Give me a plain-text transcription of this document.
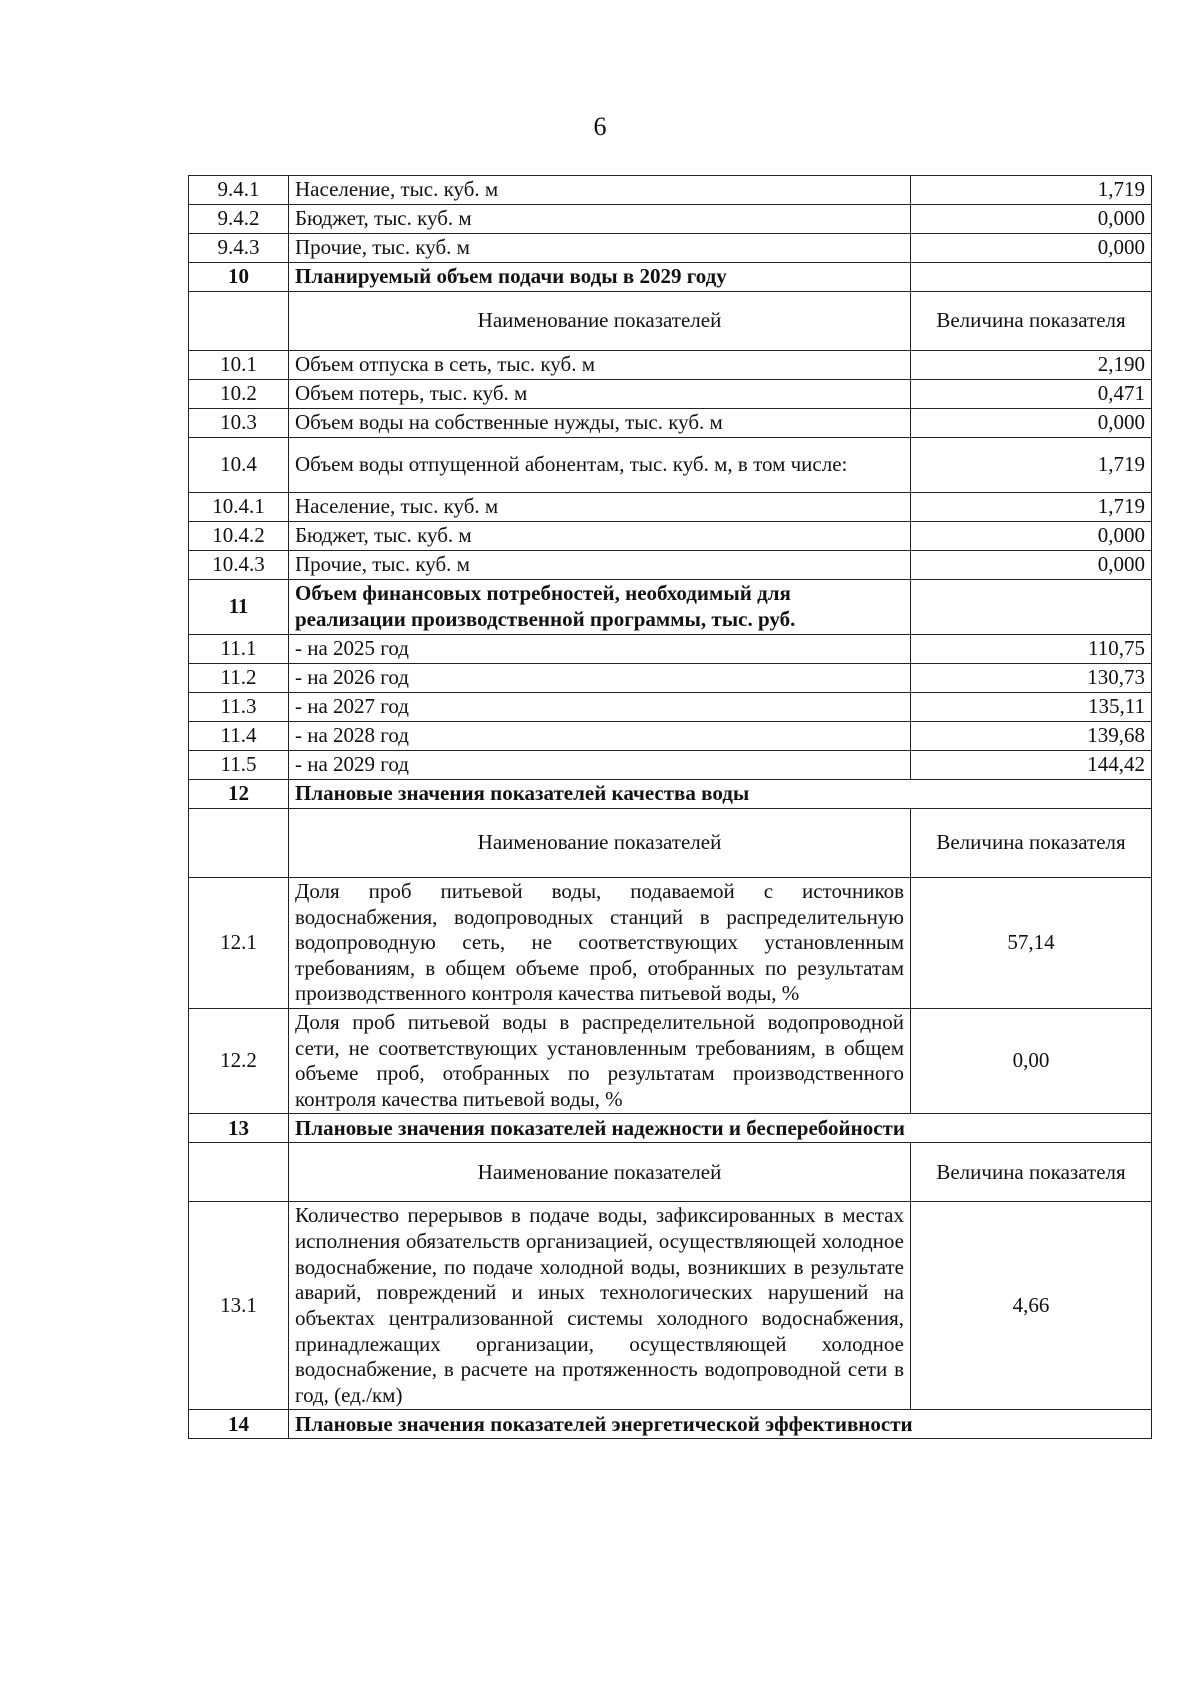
6
9.4.1	Население, тыс. куб. м	1,719
9.4.2	Бюджет, тыс. куб. м	0,000
9.4.3	Прочие, тыс. куб. м	0,000
10	Планируемый объем подачи воды в 2029 году	
	Наименование показателей	Величина показателя
10.1	Объем отпуска в сеть, тыс. куб. м	2,190
10.2	Объем потерь, тыс. куб. м	0,471
10.3	Объем воды на собственные нужды, тыс. куб. м	0,000
10.4	Объем воды отпущенной абонентам, тыс. куб. м, в том числе:	1,719
10.4.1	Население, тыс. куб. м	1,719
10.4.2	Бюджет, тыс. куб. м	0,000
10.4.3	Прочие, тыс. куб. м	0,000
11	Объем финансовых потребностей, необходимый для реализации производственной программы, тыс. руб.	
11.1	- на 2025 год	110,75
11.2	- на 2026 год	130,73
11.3	- на 2027 год	135,11
11.4	- на 2028 год	139,68
11.5	- на 2029 год	144,42
12	Плановые значения показателей качества воды	
	Наименование показателей	Величина показателя
12.1	Доля проб питьевой воды, подаваемой с источников водоснабжения, водопроводных станций в распределительную водопроводную сеть, не соответствующих установленным требованиям, в общем объеме проб, отобранных по результатам производственного контроля качества питьевой воды, %	57,14
12.2	Доля проб питьевой воды в распределительной водопроводной сети, не соответствующих установленным требованиям, в общем объеме проб, отобранных по результатам производственного контроля качества питьевой воды, %	0,00
13	Плановые значения показателей надежности и бесперебойности	
	Наименование показателей	Величина показателя
13.1	Количество перерывов в подаче воды, зафиксированных в местах исполнения обязательств организацией, осуществляющей холодное водоснабжение, по подаче холодной воды, возникших в результате аварий, повреждений и иных технологических нарушений на объектах централизованной системы холодного водоснабжения, принадлежащих организации, осуществляющей холодное водоснабжение, в расчете на протяженность водопроводной сети в год, (ед./км)	4,66
14	Плановые значения показателей энергетической эффективности	
